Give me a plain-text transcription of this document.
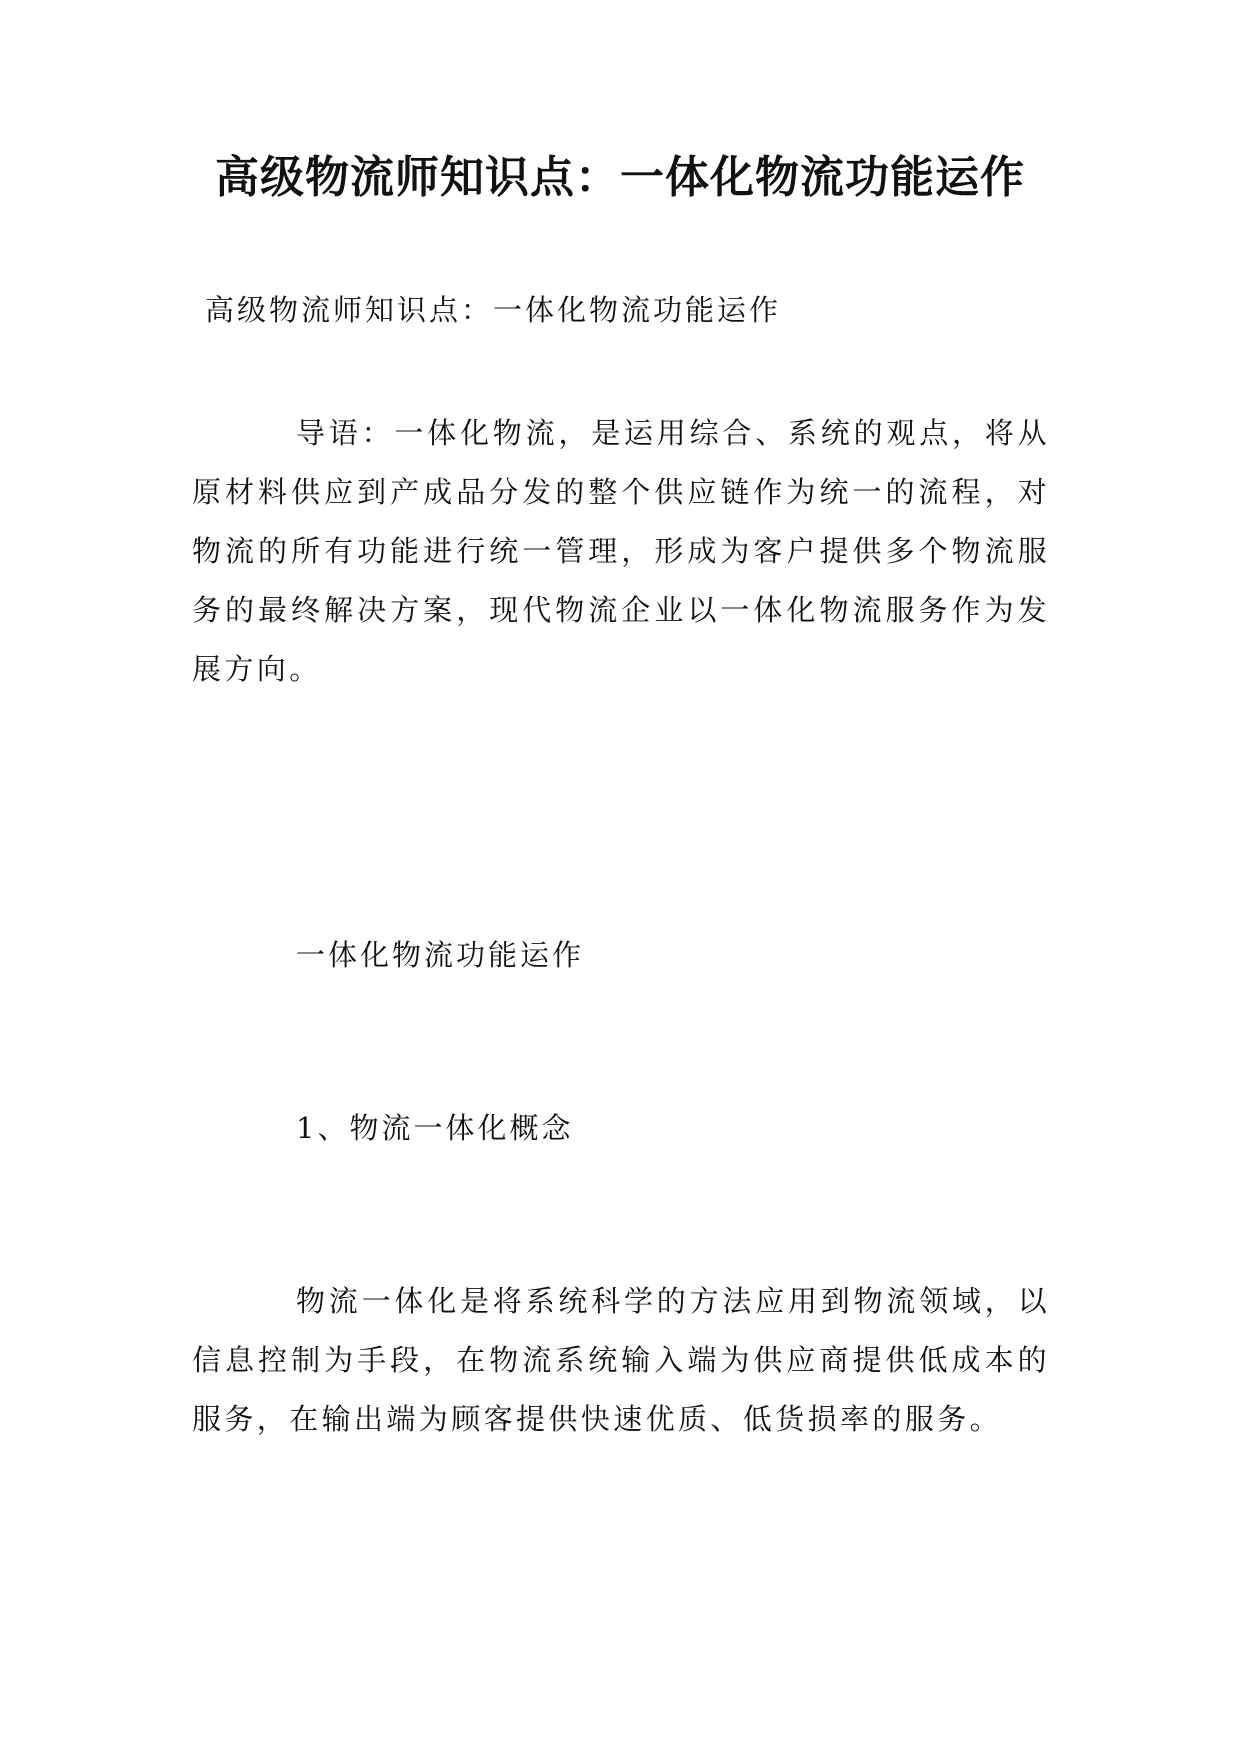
高级物流师知识点：一体化物流功能运作
高级物流师知识点：一体化物流功能运作
导语：一体化物流，是运用综合、系统的观点，将从原材料供应到产成品分发的整个供应链作为统一的流程，对物流的所有功能进行统一管理，形成为客户提供多个物流服务的最终解决方案，现代物流企业以一体化物流服务作为发展方向。
一体化物流功能运作
1、物流一体化概念
物流一体化是将系统科学的方法应用到物流领域，以信息控制为手段，在物流系统输入端为供应商提供低成本的服务，在输出端为顾客提供快速优质、低货损率的服务。
